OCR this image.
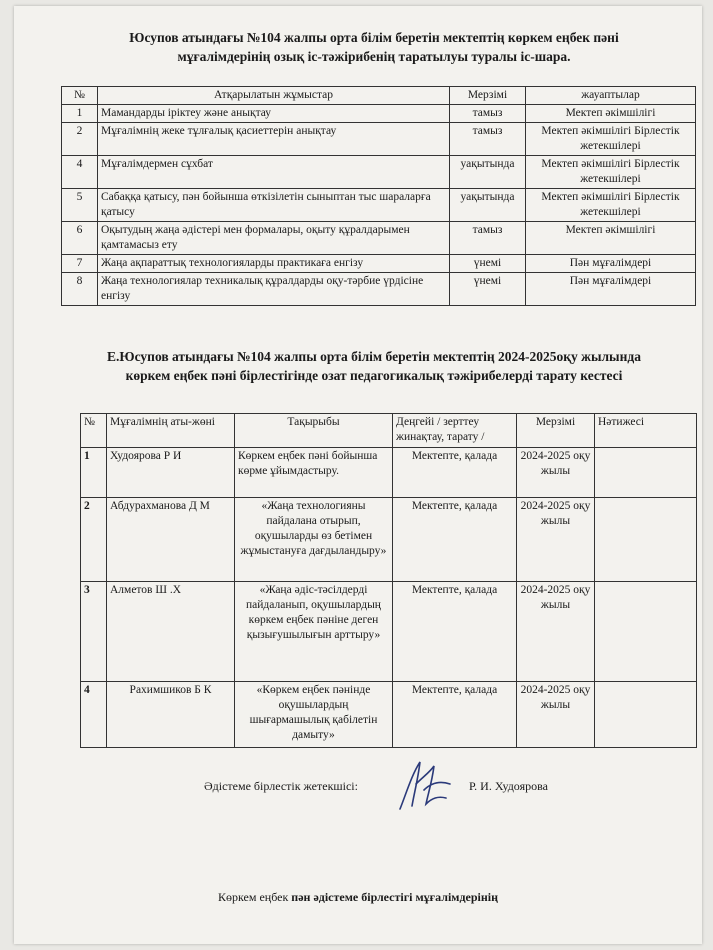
Юсупов атындағы №104 жалпы орта білім беретін мектептің көркем еңбек пәні
мұғалімдерінің озық іс-тәжірибенің таратылуы туралы іс-шара.
№	Атқарылатын жұмыстар	Мерзімі	жауаптылар
1	Мамандарды іріктеу және анықтау	тамыз	Мектеп әкімшілігі
2	Мұғалімнің жеке тұлғалық қасиеттерін анықтау	тамыз	Мектеп әкімшілігі Бірлестік жетекшілері
4	Мұғалімдермен сұхбат	уақытында	Мектеп әкімшілігі Бірлестік жетекшілері
5	Сабаққа қатысу, пән бойынша өткізілетін сыныптан тыс шараларға қатысу	уақытында	Мектеп әкімшілігі Бірлестік жетекшілері
6	Оқытудың жаңа әдістері мен формалары, оқыту құралдарымен қамтамасыз ету	тамыз	Мектеп әкімшілігі
7	Жаңа ақпараттық технологияларды практикаға енгізу	үнемі	Пән мұғалімдері
8	Жаңа технологиялар техникалық құралдарды оқу-тәрбие үрдісіне енгізу	үнемі	Пән мұғалімдері
Е.Юсупов атындағы №104 жалпы орта білім беретін мектептің 2024-2025оқу жылында
көркем еңбек пәні бірлестігінде озат педагогикалық тәжірибелерді тарату кестесі
№	Мұғалімнің аты-жөні	Тақырыбы	Деңгейі / зерттеу жинақтау, тарату /	Мерзімі	Нәтижесі
1	Худоярова Р И	Көркем еңбек пәні бойынша көрме ұйымдастыру.	Мектепте, қалада	2024-2025 оқу жылы	
2	Абдурахманова Д М	«Жаңа технологияны пайдалана отырып, оқушыларды өз бетімен жұмыстануға дағдыландыру»	Мектепте, қалада	2024-2025 оқу жылы	
3	Алметов Ш .Х	«Жаңа әдіс-тәсілдерді пайдаланып, оқушылардың көркем еңбек пәніне деген қызығушылығын арттыру»	Мектепте, қалада	2024-2025 оқу жылы	
4	Рахимшиков Б К	«Көркем еңбек пәнінде оқушылардың шығармашылық қабілетін дамыту»	Мектепте, қалада	2024-2025 оқу жылы	
Әдістеме бірлестік жетекшісі:	Р. И. Худоярова
Көркем еңбек пән әдістеме бірлестігі мұғалімдерінің
